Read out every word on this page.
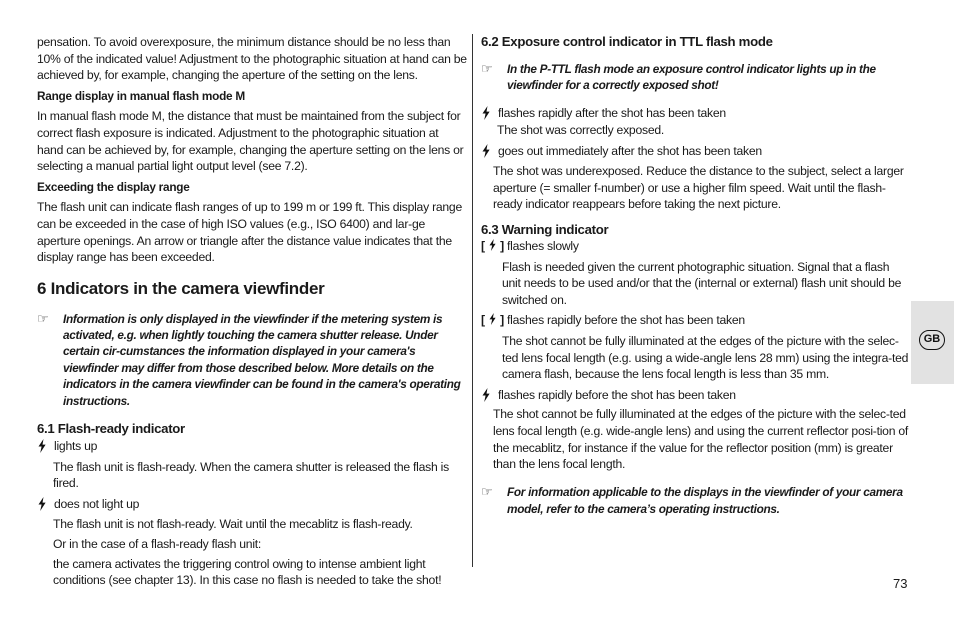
pensation. To avoid overexposure, the minimum distance should be no less than 10% of the indicated value! Adjustment to the photographic situation at hand can be achieved by, for example, changing the aperture of the setting on the lens.

Range display in manual flash mode M

In manual flash mode M, the distance that must be maintained from the subject for correct flash exposure is indicated. Adjustment to the photographic situation at hand can be achieved by, for example, changing the aperture setting on the lens or selecting a manual partial light output level (see 7.2).

Exceeding the display range

The flash unit can indicate flash ranges of up to 199 m or 199 ft. This display range can be exceeded in the case of high ISO values (e.g., ISO 6400) and lar-ge aperture openings. An arrow or triangle after the distance value indicates that the display range has been exceeded.

6 Indicators in the camera viewfinder

☞ Information is only displayed in the viewfinder if the metering system is activated, e.g. when lightly touching the camera shutter release. Under certain cir-cumstances the information displayed in your camera's viewfinder may differ from those described below. More details on the indicators in the camera viewfinder can be found in the camera's operating instructions.

6.1 Flash-ready indicator

lights up

The flash unit is flash-ready. When the camera shutter is released the flash is fired.

does not light up

The flash unit is not flash-ready. Wait until the mecablitz is flash-ready.

Or in the case of a flash-ready flash unit:

the camera activates the triggering control owing to intense ambient light conditions (see chapter 13). In this case no flash is needed to take the shot!

6.2 Exposure control indicator in TTL flash mode

☞ In the P-TTL flash mode an exposure control indicator lights up in the viewfinder for a correctly exposed shot!

flashes rapidly after the shot has been taken

The shot was correctly exposed.

goes out immediately after the shot has been taken

The shot was underexposed. Reduce the distance to the subject, select a larger aperture (= smaller f-number) or use a higher film speed. Wait until the flash-ready indicator reappears before taking the next picture.

6.3 Warning indicator

[ ] flashes slowly

Flash is needed given the current photographic situation. Signal that a flash unit needs to be used and/or that the (internal or external) flash unit should be switched on.

[ ] flashes rapidly before the shot has been taken

The shot cannot be fully illuminated at the edges of the picture with the selec-ted lens focal length (e.g. using a wide-angle lens 28 mm) using the integra-ted camera flash, because the lens focal length is less than 35 mm.

flashes rapidly before the shot has been taken

The shot cannot be fully illuminated at the edges of the picture with the selec-ted lens focal length (e.g. wide-angle lens) and using the current reflector posi-tion of the mecablitz, for instance if the value for the reflector position (mm) is greater than the lens focal length.

☞ For information applicable to the displays in the viewfinder of your camera model, refer to the camera’s operating instructions.

GB
73
